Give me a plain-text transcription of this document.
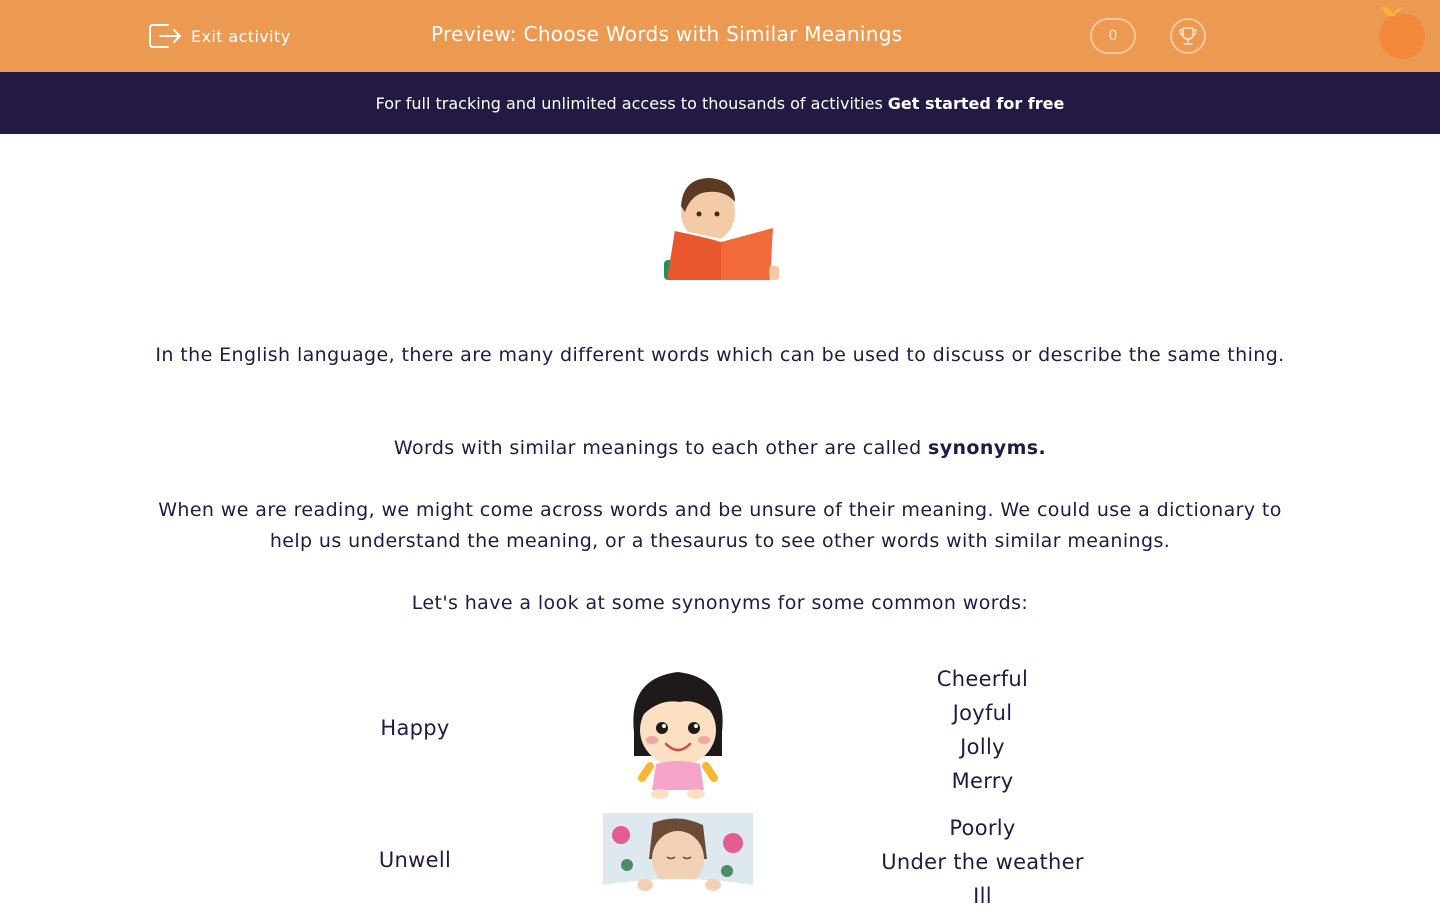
Exit activity	Preview: Choose Words with Similar Meanings	0
For full tracking and unlimited access to thousands of activities Get started for free
In the English language, there are many different words which can be used to discuss or describe the same thing.
Words with similar meanings to each other are called synonyms.
When we are reading, we might come across words and be unsure of their meaning. We could use a dictionary to help us understand the meaning, or a thesaurus to see other words with similar meanings.
Let's have a look at some synonyms for some common words:
Happy
Cheerful
Joyful
Jolly
Merry
Unwell
Poorly
Under the weather
Ill
